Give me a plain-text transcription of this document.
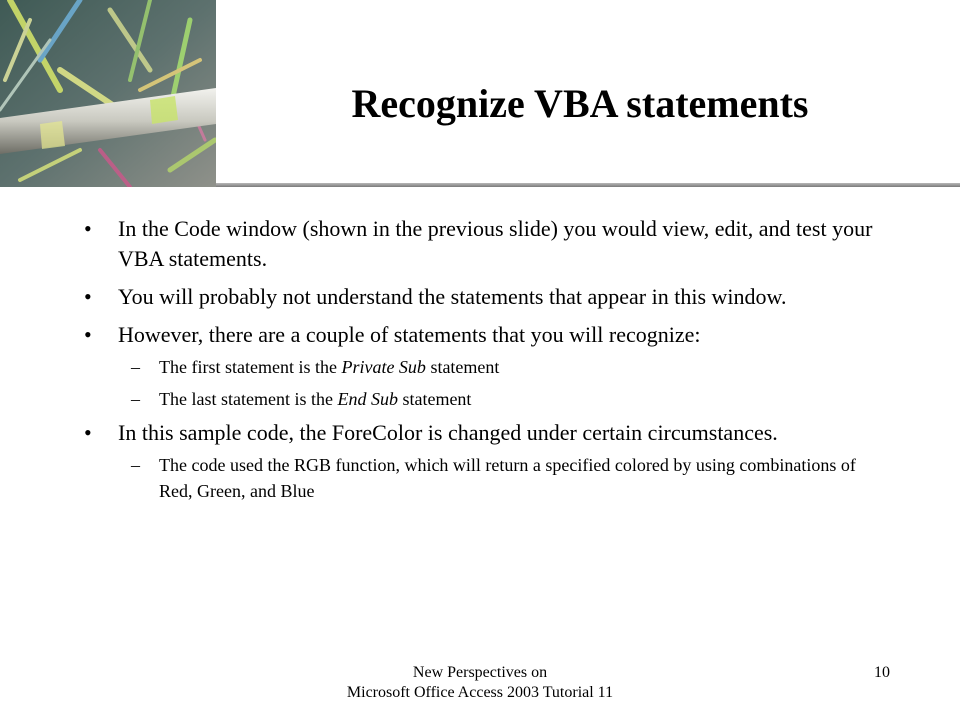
Recognize VBA statements
•	In the Code window (shown in the previous slide) you would view, edit, and test your VBA statements.
•	You will probably not understand the statements that appear in this window.
•	However, there are a couple of statements that you will recognize:
– The first statement is the Private Sub statement
– The last statement is the End Sub statement
•	In this sample code, the ForeColor is changed under certain circumstances.
– The code used the RGB function, which will return a specified colored by using combinations of Red, Green, and Blue
New Perspectives on
Microsoft Office Access 2003 Tutorial 11
10
